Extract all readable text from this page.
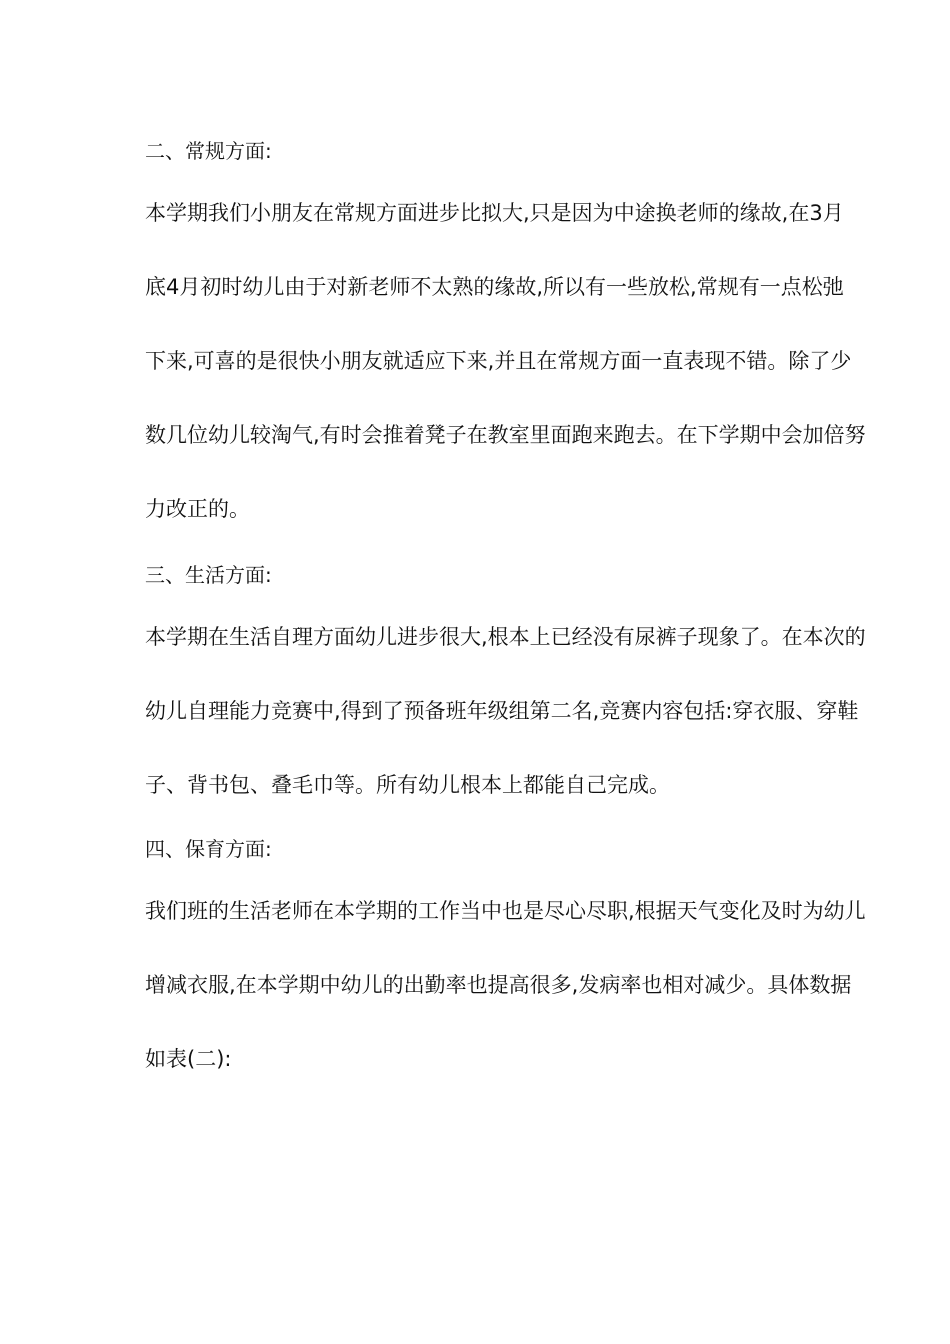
二、常规方面:
本学期我们小朋友在常规方面进步比拟大,只是因为中途换老师的缘故,在3月
底4月初时幼儿由于对新老师不太熟的缘故,所以有一些放松,常规有一点松弛
下来,可喜的是很快小朋友就适应下来,并且在常规方面一直表现不错。除了少
数几位幼儿较淘气,有时会推着凳子在教室里面跑来跑去。在下学期中会加倍努
力改正的。
三、生活方面:
本学期在生活自理方面幼儿进步很大,根本上已经没有尿裤子现象了。在本次的
幼儿自理能力竞赛中,得到了预备班年级组第二名,竞赛内容包括:穿衣服、穿鞋
子、背书包、叠毛巾等。所有幼儿根本上都能自己完成。
四、保育方面:
我们班的生活老师在本学期的工作当中也是尽心尽职,根据天气变化及时为幼儿
增减衣服,在本学期中幼儿的出勤率也提高很多,发病率也相对减少。具体数据
如表(二):
